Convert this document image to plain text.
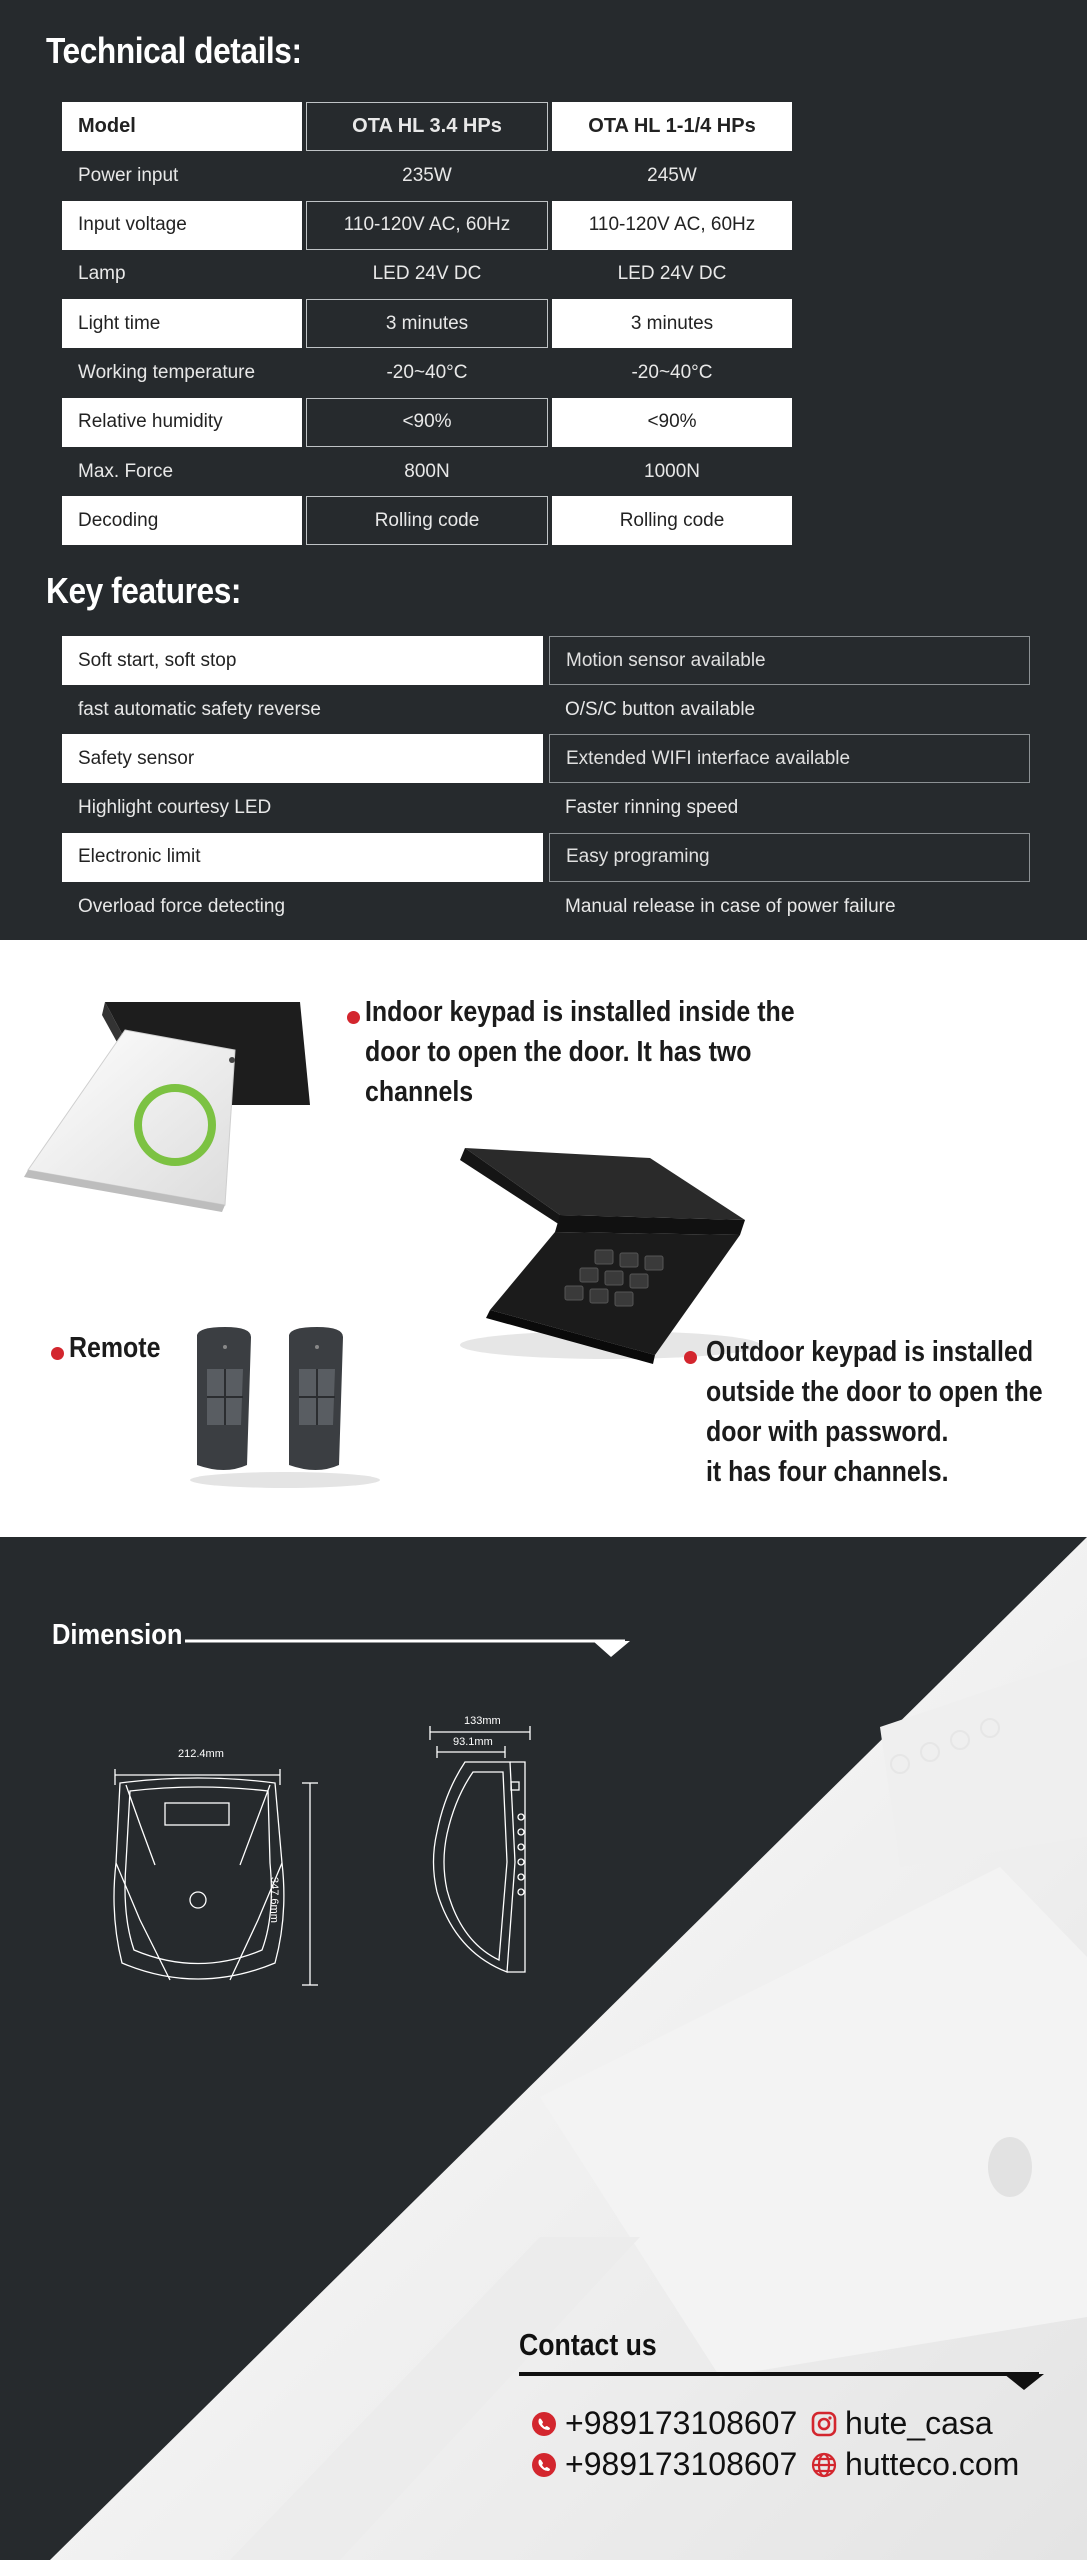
Technical details:
Model	OTA HL 3.4 HPs	OTA HL 1-1/4 HPs
Power input	235W	245W
Input voltage	110-120V AC, 60Hz	110-120V AC, 60Hz
Lamp	LED 24V DC	LED 24V DC
Light time	3 minutes	3 minutes
Working temperature	-20~40°C	-20~40°C
Relative humidity	<90%	<90%
Max. Force	800N	1000N
Decoding	Rolling code	Rolling code
Key features:
Soft start, soft stop	Motion sensor available
fast automatic safety reverse	O/S/C button available
Safety sensor	Extended WIFI interface available
Highlight courtesy LED	Faster rinning speed
Electronic limit	Easy programing
Overload force detecting	Manual release in case of power failure
Indoor keypad is installed inside the
door to open the door. It has two
channels
Remote	Outdoor keypad is installed
outside the door to open the
door with password.
it has four channels.
212.4mm
347.6mm
133mm
93.1mm
Dimension
Contact us
+989173108607 hute_casa
+989173108607 hutteco.com
